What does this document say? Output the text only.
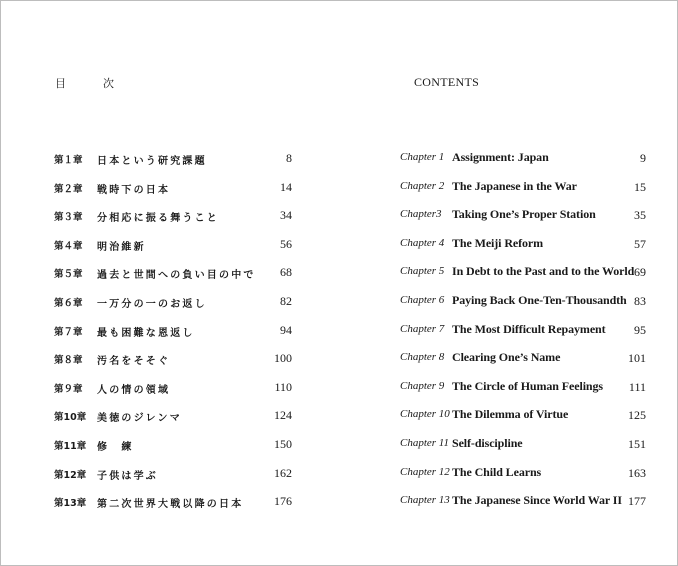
目　次	CONTENTS
第１章 日本という研究課題	8
第２章 戦時下の日本	14
第３章 分相応に振る舞うこと	34
第４章 明治維新	56
第５章 過去と世間への負い目の中で 68
第６章 一万分の一のお返し	82
第７章 最も困難な恩返し	94
第８章 汚名をそそぐ	100
第９章 人の情の領域	110
第10章 美徳のジレンマ	124
第11章 修　練	150
第12章 子供は学ぶ	162
第13章 第二次世界大戦以降の日本	176
Chapter 1 Assignment: Japan	9
Chapter 2 The Japanese in the War	15
Chapter3 Taking One’s Proper Station	35
Chapter 4 The Meiji Reform	57
Chapter 5 In Debt to the Past and to the World 69
Chapter 6 Paying Back One-Ten-Thousandth 83
Chapter 7 The Most Difficult Repayment 95
Chapter 8 Clearing One’s Name	101
Chapter 9 The Circle of Human Feelings 111
Chapter 10 The Dilemma of Virtue	125
Chapter 11 Self-discipline	151
Chapter 12 The Child Learns	163
Chapter 13 The Japanese Since World War II 177
